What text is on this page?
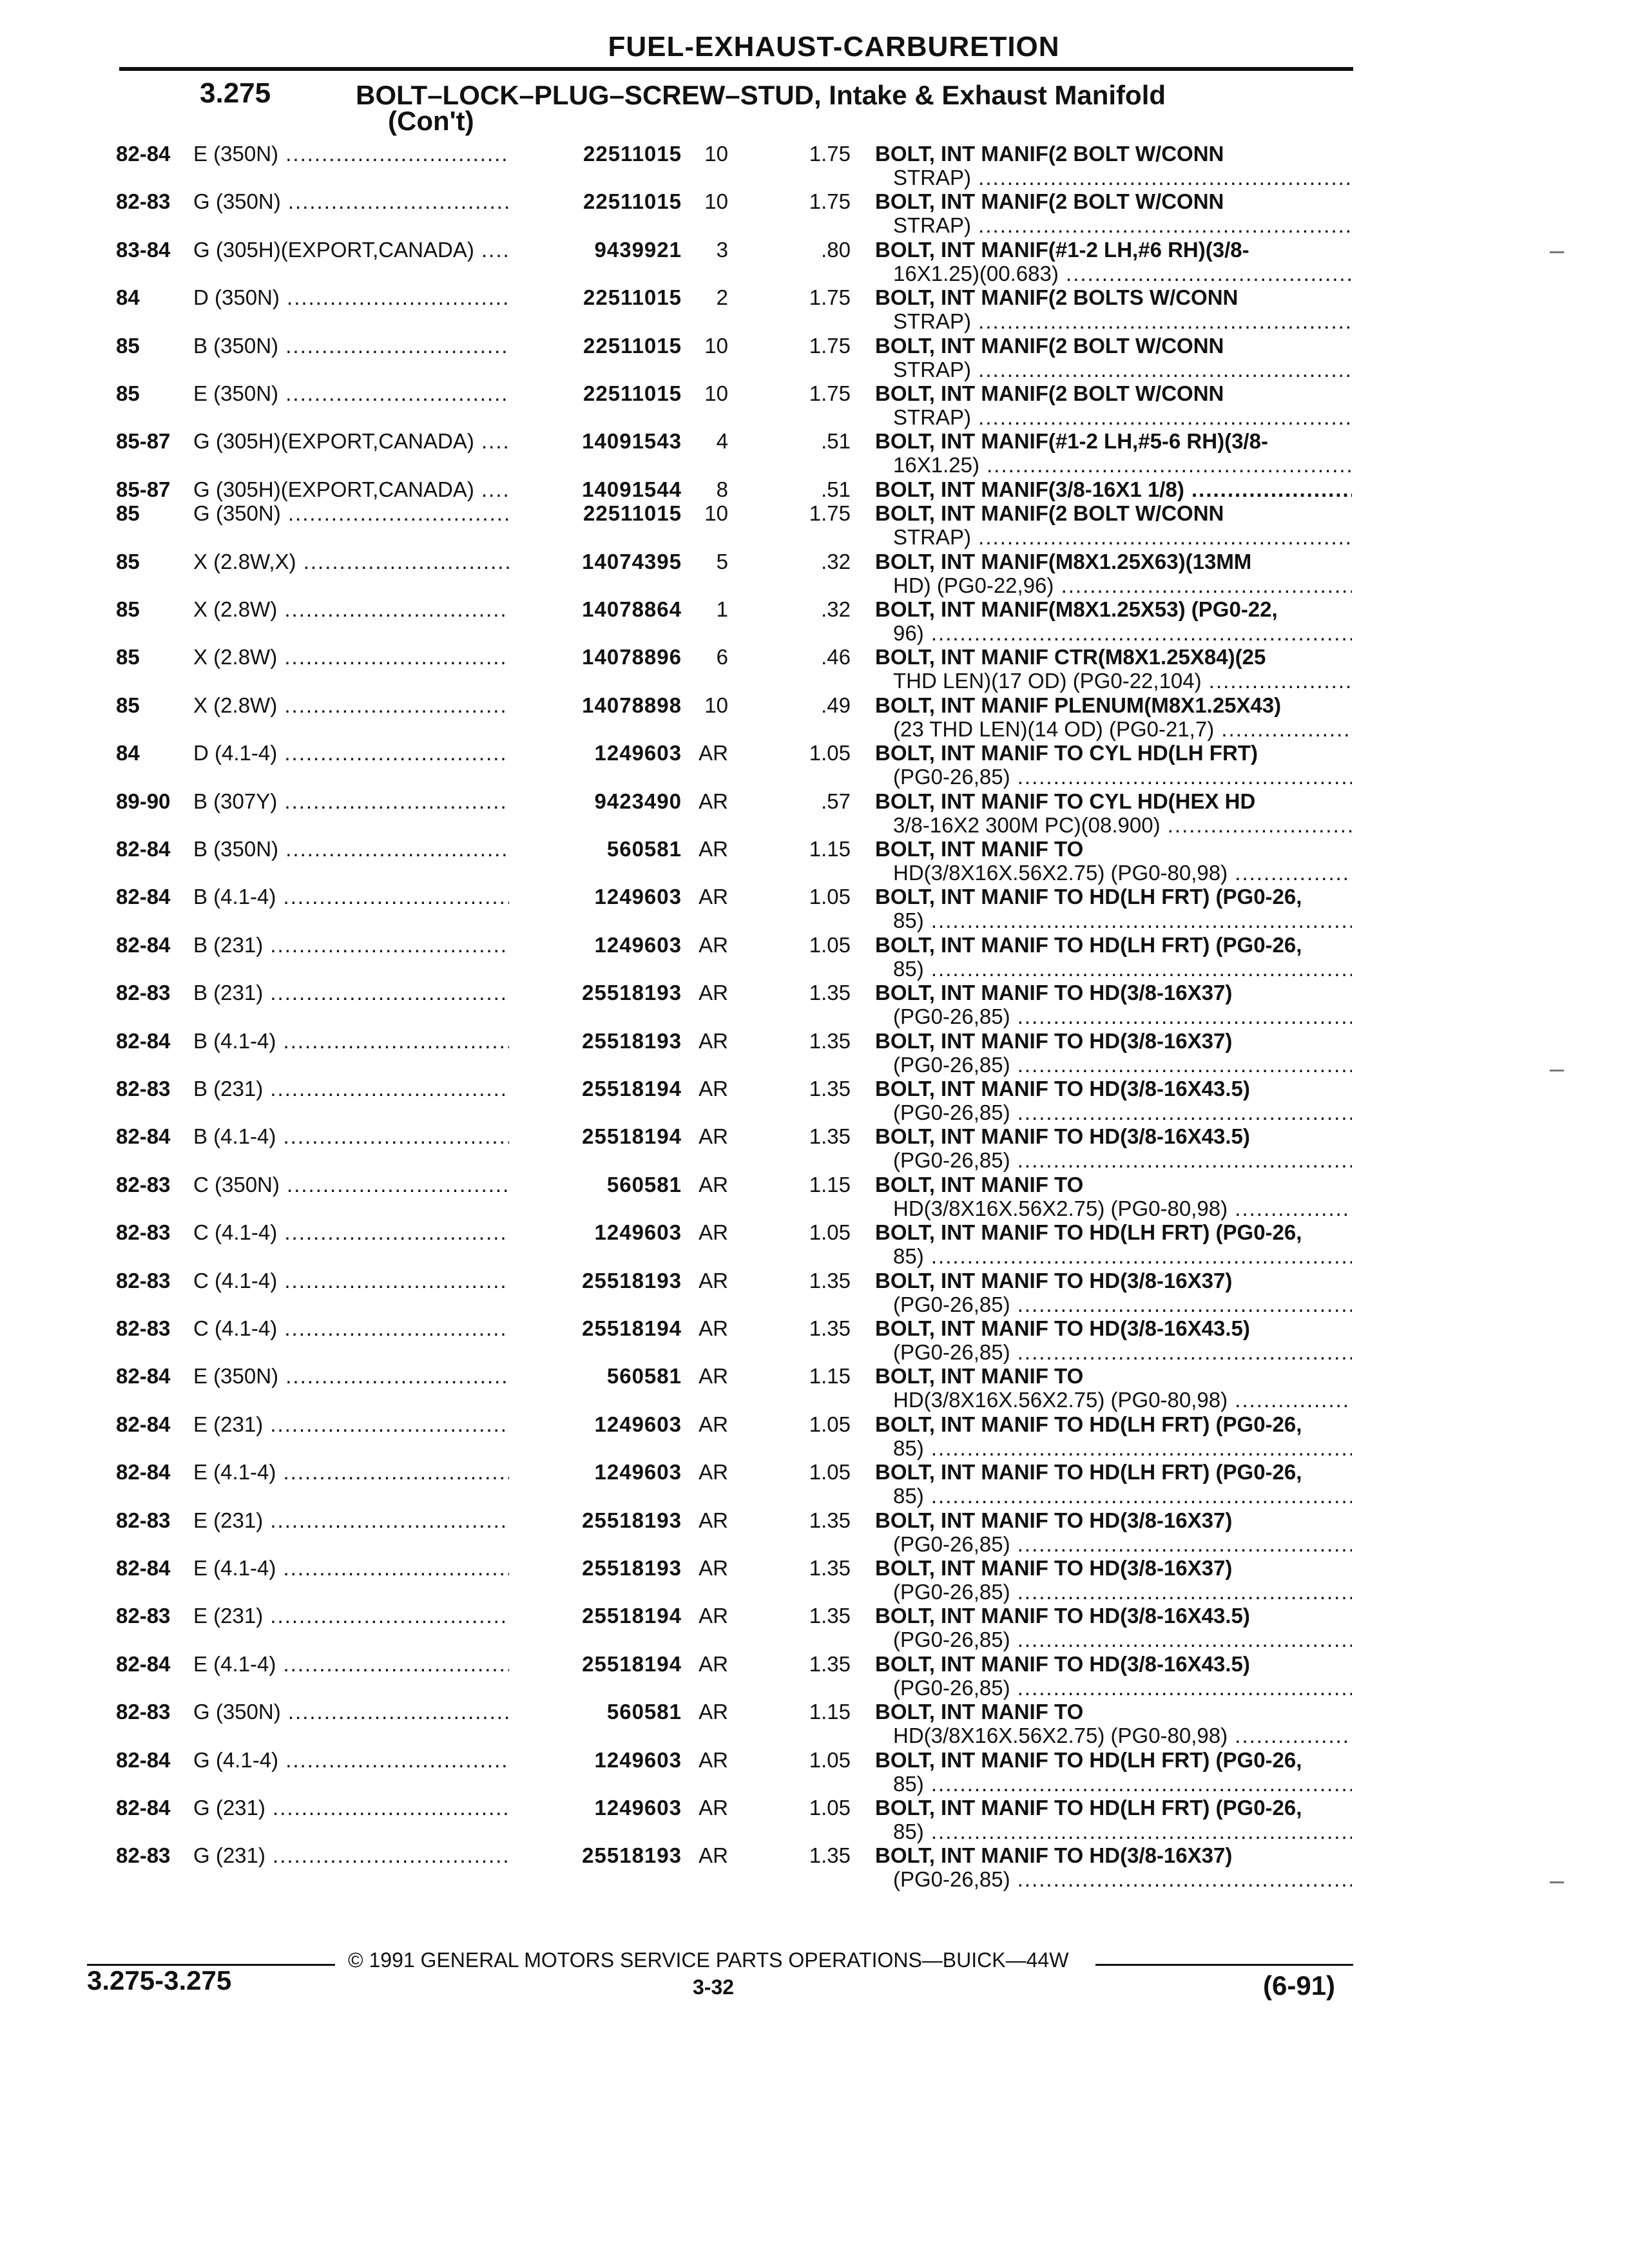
FUEL-EXHAUST-CARBURETION
3.275	BOLT–LOCK–PLUG–SCREW–STUD, Intake & Exhaust Manifold
(Con't)
82-84	E (350N) .....	22511015	10	1.75 BOLT, INT MANIF(2 BOLT W/CONN
STRAP) .....
82-83	G (350N) .....	22511015	10	1.75 BOLT, INT MANIF(2 BOLT W/CONN
STRAP) .....
83-84	G (305H)(EXPORT,CANADA) .....	9439921	3	.80 BOLT, INT MANIF(#1-2 LH,#6 RH)(3/8-
16X1.25)(00.683) .....
84	D (350N) .....	22511015	2	1.75 BOLT, INT MANIF(2 BOLTS W/CONN
STRAP) .....
85	B (350N) .....	22511015	10	1.75 BOLT, INT MANIF(2 BOLT W/CONN
STRAP) .....
85	E (350N) .....	22511015	10	1.75 BOLT, INT MANIF(2 BOLT W/CONN
STRAP) .....
85-87	G (305H)(EXPORT,CANADA) .....	14091543	4	.51 BOLT, INT MANIF(#1-2 LH,#5-6 RH)(3/8-
16X1.25) .....
85-87	G (305H)(EXPORT,CANADA) .....	14091544	8	.51 BOLT, INT MANIF(3/8-16X1 1/8) .....
85	G (350N) .....	22511015	10	1.75 BOLT, INT MANIF(2 BOLT W/CONN
STRAP) .....
85	X (2.8W,X) .....	14074395	5	.32 BOLT, INT MANIF(M8X1.25X63)(13MM
HD) (PG0-22,96) .....
85	X (2.8W) .....	14078864	1	.32 BOLT, INT MANIF(M8X1.25X53) (PG0-22,
96) .....
85	X (2.8W) .....	14078896	6	.46 BOLT, INT MANIF CTR(M8X1.25X84)(25
THD LEN)(17 OD) (PG0-22,104) .....
85	X (2.8W) .....	14078898	10	.49 BOLT, INT MANIF PLENUM(M8X1.25X43)
(23 THD LEN)(14 OD) (PG0-21,7) .....
84	D (4.1-4) .....	1249603 AR	1.05 BOLT, INT MANIF TO CYL HD(LH FRT)
(PG0-26,85) .....
89-90	B (307Y) .....	9423490 AR	.57 BOLT, INT MANIF TO CYL HD(HEX HD
3/8-16X2 300M PC)(08.900) .....
82-84	B (350N) .....	560581 AR	1.15 BOLT, INT MANIF TO
HD(3/8X16X.56X2.75) (PG0-80,98) .....
82-84	B (4.1-4) .....	1249603 AR	1.05 BOLT, INT MANIF TO HD(LH FRT) (PG0-26,
85) .....
82-84	B (231) .....	1249603 AR	1.05 BOLT, INT MANIF TO HD(LH FRT) (PG0-26,
85) .....
82-83	B (231) .....	25518193 AR	1.35 BOLT, INT MANIF TO HD(3/8-16X37)
(PG0-26,85) .....
82-84	B (4.1-4) .....	25518193 AR	1.35 BOLT, INT MANIF TO HD(3/8-16X37)
(PG0-26,85) .....
82-83	B (231) .....	25518194 AR	1.35 BOLT, INT MANIF TO HD(3/8-16X43.5)
(PG0-26,85) .....
82-84	B (4.1-4) .....	25518194 AR	1.35 BOLT, INT MANIF TO HD(3/8-16X43.5)
(PG0-26,85) .....
82-83	C (350N) .....	560581 AR	1.15 BOLT, INT MANIF TO
HD(3/8X16X.56X2.75) (PG0-80,98) .....
82-83	C (4.1-4) .....	1249603 AR	1.05 BOLT, INT MANIF TO HD(LH FRT) (PG0-26,
85) .....
82-83	C (4.1-4) .....	25518193 AR	1.35 BOLT, INT MANIF TO HD(3/8-16X37)
(PG0-26,85) .....
82-83	C (4.1-4) .....	25518194 AR	1.35 BOLT, INT MANIF TO HD(3/8-16X43.5)
(PG0-26,85) .....
82-84	E (350N) .....	560581 AR	1.15 BOLT, INT MANIF TO
HD(3/8X16X.56X2.75) (PG0-80,98) .....
82-84	E (231) .....	1249603 AR	1.05 BOLT, INT MANIF TO HD(LH FRT) (PG0-26,
85) .....
82-84	E (4.1-4) .....	1249603 AR	1.05 BOLT, INT MANIF TO HD(LH FRT) (PG0-26,
85) .....
82-83	E (231) .....	25518193 AR	1.35 BOLT, INT MANIF TO HD(3/8-16X37)
(PG0-26,85) .....
82-84	E (4.1-4) .....	25518193 AR	1.35 BOLT, INT MANIF TO HD(3/8-16X37)
(PG0-26,85) .....
82-83	E (231) .....	25518194 AR	1.35 BOLT, INT MANIF TO HD(3/8-16X43.5)
(PG0-26,85) .....
82-84	E (4.1-4) .....	25518194 AR	1.35 BOLT, INT MANIF TO HD(3/8-16X43.5)
(PG0-26,85) .....
82-83	G (350N) .....	560581 AR	1.15 BOLT, INT MANIF TO
HD(3/8X16X.56X2.75) (PG0-80,98) .....
82-84	G (4.1-4) .....	1249603 AR	1.05 BOLT, INT MANIF TO HD(LH FRT) (PG0-26,
85) .....
82-84	G (231) .....	1249603 AR	1.05 BOLT, INT MANIF TO HD(LH FRT) (PG0-26,
85) .....
82-83	G (231) .....	25518193 AR	1.35 BOLT, INT MANIF TO HD(3/8-16X37)
(PG0-26,85) .....
© 1991 GENERAL MOTORS SERVICE PARTS OPERATIONS—BUICK—44W
3.275-3.275	3-32	(6-91)
